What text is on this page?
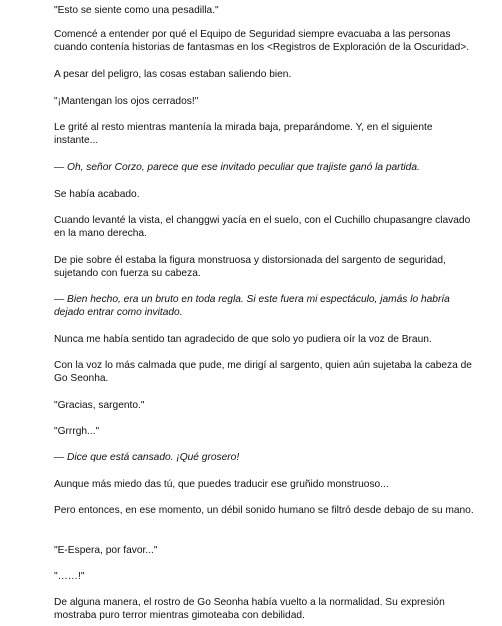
"Esto se siente como una pesadilla."

Comencé a entender por qué el Equipo de Seguridad siempre evacuaba a las personas cuando contenía historias de fantasmas en los <Registros de Exploración de la Oscuridad>.

A pesar del peligro, las cosas estaban saliendo bien.

"¡Mantengan los ojos cerrados!"

Le grité al resto mientras mantenía la mirada baja, preparándome. Y, en el siguiente instante...

— Oh, señor Corzo, parece que ese invitado peculiar que trajiste ganó la partida.

Se había acabado.

Cuando levanté la vista, el changgwi yacía en el suelo, con el Cuchillo chupasangre clavado en la mano derecha.

De pie sobre él estaba la figura monstruosa y distorsionada del sargento de seguridad, sujetando con fuerza su cabeza.

— Bien hecho, era un bruto en toda regla. Si este fuera mi espectáculo, jamás lo habría dejado entrar como invitado.

Nunca me había sentido tan agradecido de que solo yo pudiera oír la voz de Braun.

Con la voz lo más calmada que pude, me dirigí al sargento, quien aún sujetaba la cabeza de Go Seonha.

"Gracias, sargento."

"Grrrgh..."

— Dice que está cansado. ¡Qué grosero!

Aunque más miedo das tú, que puedes traducir ese gruñido monstruoso...

Pero entonces, en ese momento, un débil sonido humano se filtró desde debajo de su mano.

"E-Espera, por favor..."

"……!"

De alguna manera, el rostro de Go Seonha había vuelto a la normalidad. Su expresión mostraba puro terror mientras gimoteaba con debilidad.
